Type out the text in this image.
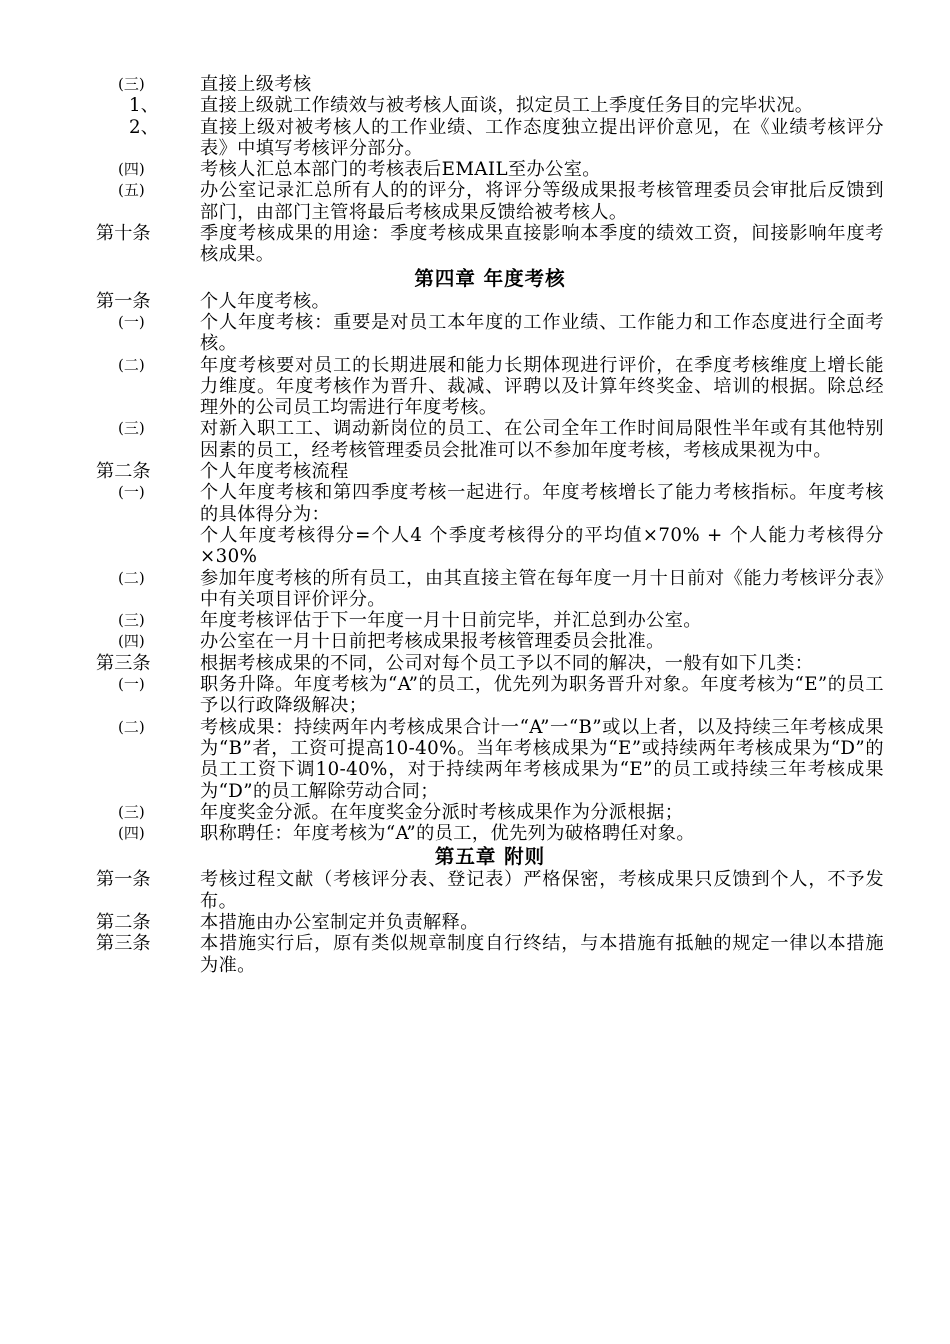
(三)	直接上级考核
1、	直接上级就工作绩效与被考核人面谈，拟定员工上季度任务目的完毕状况。
2、	直接上级对被考核人的工作业绩、工作态度独立提出评价意见，在《业绩考核评分表》中填写考核评分部分。
(四)	考核人汇总本部门的考核表后EMAIL至办公室。
(五)	办公室记录汇总所有人的的评分，将评分等级成果报考核管理委员会审批后反馈到部门，由部门主管将最后考核成果反馈给被考核人。
第十条	季度考核成果的用途：季度考核成果直接影响本季度的绩效工资，间接影响年度考核成果。
第四章 年度考核
第一条	个人年度考核。
(一)	个人年度考核：重要是对员工本年度的工作业绩、工作能力和工作态度进行全面考核。
(二)	年度考核要对员工的长期进展和能力长期体现进行评价，在季度考核维度上增长能力维度。年度考核作为晋升、裁减、评聘以及计算年终奖金、培训的根据。除总经理外的公司员工均需进行年度考核。
(三)	对新入职工工、调动新岗位的员工、在公司全年工作时间局限性半年或有其他特别因素的员工，经考核管理委员会批准可以不参加年度考核，考核成果视为中。
第二条	个人年度考核流程
(一)	个人年度考核和第四季度考核一起进行。年度考核增长了能力考核指标。年度考核的具体得分为：
个人年度考核得分=个人4 个季度考核得分的平均值×70% + 个人能力考核得分×30%
(二)	参加年度考核的所有员工，由其直接主管在每年度一月十日前对《能力考核评分表》中有关项目评价评分。
(三)	年度考核评估于下一年度一月十日前完毕，并汇总到办公室。
(四)	办公室在一月十日前把考核成果报考核管理委员会批准。
第三条	根据考核成果的不同，公司对每个员工予以不同的解决，一般有如下几类：
(一)	职务升降。年度考核为“A”的员工，优先列为职务晋升对象。年度考核为“E”的员工予以行政降级解决；
(二)	考核成果：持续两年内考核成果合计一“A”一“B”或以上者，以及持续三年考核成果为“B”者，工资可提高10-40%。当年考核成果为“E”或持续两年考核成果为“D”的员工工资下调10-40%，对于持续两年考核成果为“E”的员工或持续三年考核成果为“D”的员工解除劳动合同；
(三)	年度奖金分派。在年度奖金分派时考核成果作为分派根据；
(四)	职称聘任：年度考核为“A”的员工，优先列为破格聘任对象。
第五章 附则
第一条	考核过程文献（考核评分表、登记表）严格保密，考核成果只反馈到个人，不予发布。
第二条	本措施由办公室制定并负责解释。
第三条	本措施实行后，原有类似规章制度自行终结，与本措施有抵触的规定一律以本措施为准。
